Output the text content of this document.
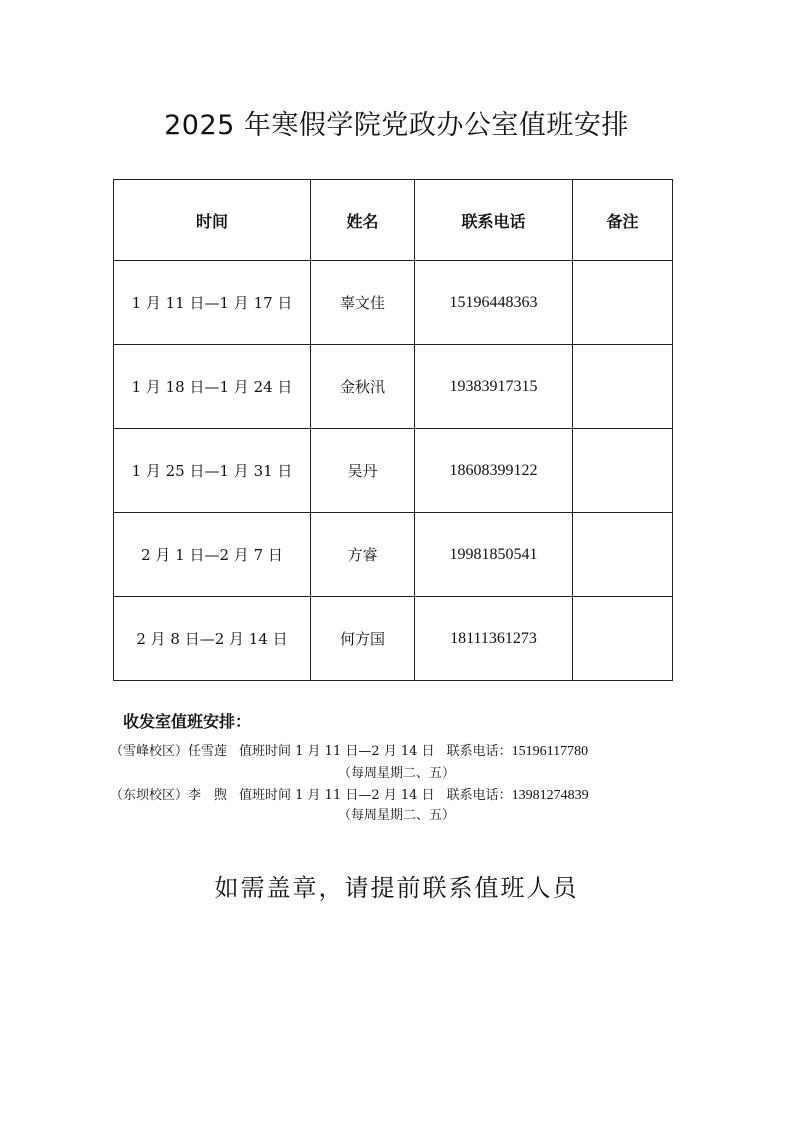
2025 年寒假学院党政办公室值班安排
时间	姓名	联系电话	备注
1 月 11 日—1 月 17 日	辜文佳	15196448363	
1 月 18 日—1 月 24 日	金秋汛	19383917315	
1 月 25 日—1 月 31 日	吴丹	18608399122	
2 月 1 日—2 月 7 日	方睿	19981850541	
2 月 8 日—2 月 14 日	何方国	18111361273	
收发室值班安排：
（雪峰校区）任雪莲 值班时间 1 月 11 日—2 月 14 日 联系电话：15196117780
（每周星期二、五）
（东坝校区）李　煦 值班时间 1 月 11 日—2 月 14 日 联系电话：13981274839
（每周星期二、五）
如需盖章，请提前联系值班人员
